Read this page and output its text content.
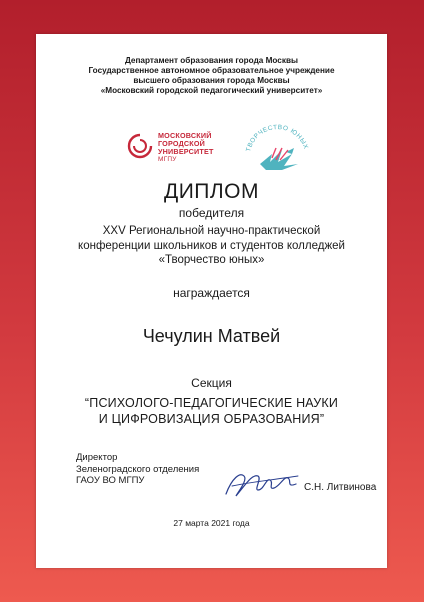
Департамент образования города Москвы
Государственное автономное образовательное учреждение
высшего образования города Москвы
«Московский городской педагогический университет»
МОСКОВСКИЙ
ГОРОДСКОЙ
УНИВЕРСИТЕТ
МГПУ
ТВОРЧЕСТВО ЮНЫХ
ДИПЛОМ
победителя
XXV Региональной научно-практической
конференции школьников и студентов колледжей
«Творчество юных»
награждается
Чечулин Матвей
Секция
“ПСИХОЛОГО-ПЕДАГОГИЧЕСКИЕ НАУКИ
И ЦИФРОВИЗАЦИЯ ОБРАЗОВАНИЯ”
Директор
Зеленоградского отделения
ГАОУ ВО МГПУ
С.Н. Литвинова
27 марта 2021 года
